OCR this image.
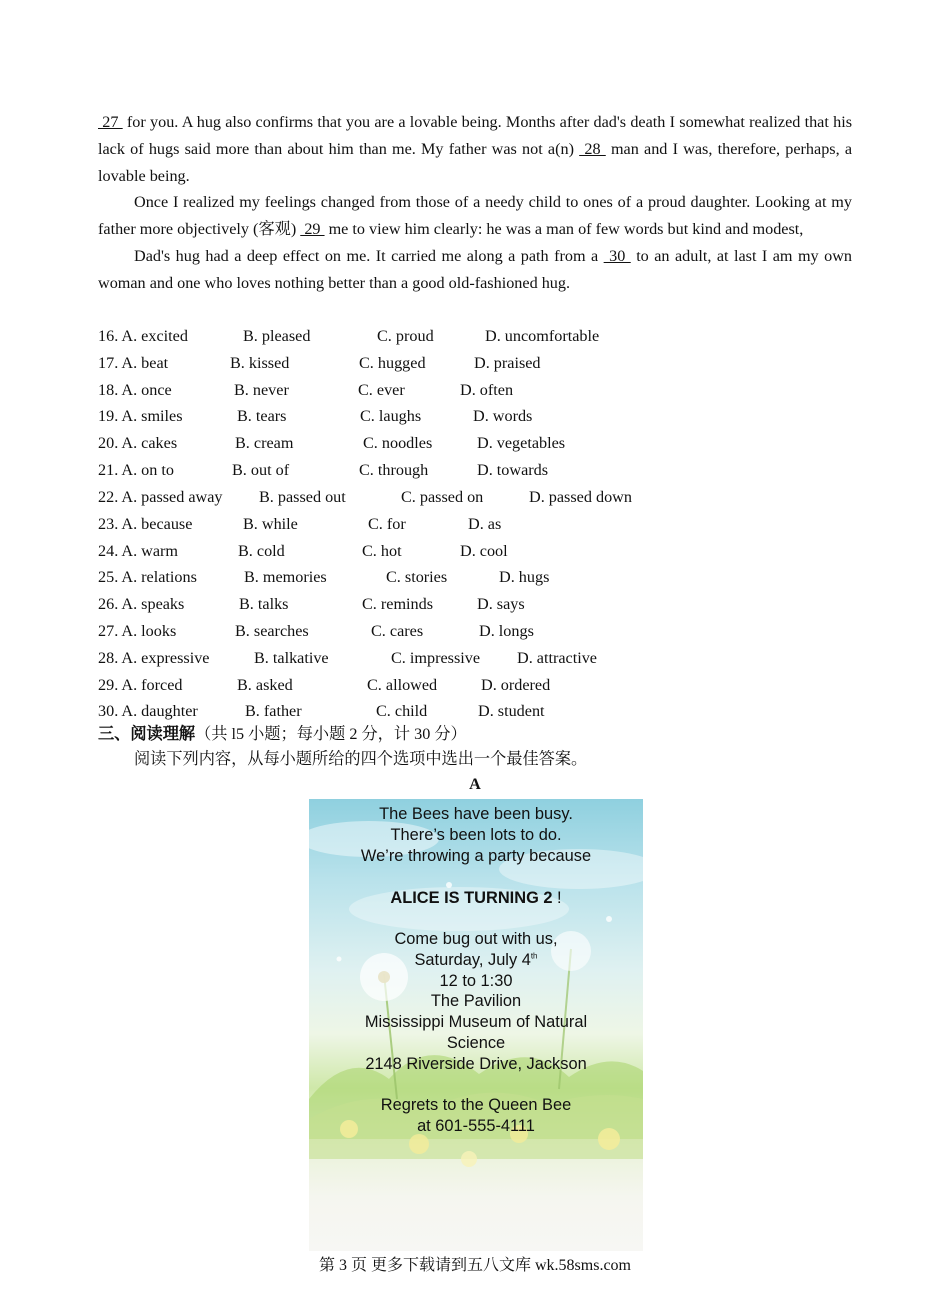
27  for you. A hug also confirms that you are a lovable being. Months after dad's death I somewhat realized that his lack of hugs said more than about him than me. My father was not a(n)  28  man and I was, therefore, perhaps, a lovable being.

Once I realized my feelings changed from those of a needy child to ones of a proud daughter. Looking at my father more objectively (客观)  29  me to view him clearly: he was a man of few words but kind and modest,

Dad's hug had a deep effect on me. It carried me along a path from a  30  to an adult, at last I am my own woman and one who loves nothing better than a good old-fashioned hug.

16. A. excited	B. pleased	C. proud	D. uncomfortable
17. A. beat	B. kissed	C. hugged	D. praised
18. A. once	B. never	C. ever	D. often
19. A. smiles	B. tears	C. laughs	D. words
20. A. cakes	B. cream	C. noodles	D. vegetables
21. A. on to	B. out of	C. through	D. towards
22. A. passed away B. passed out	C. passed on	D. passed down
23. A. because	B. while	C. for	D. as
24. A. warm	B. cold	C. hot	D. cool
25. A. relations	B. memories	C. stories	D. hugs
26. A. speaks	B. talks	C. reminds	D. says
27. A. looks	B. searches	C. cares	D. longs
28. A. expressive	B. talkative	C. impressive D. attractive
29. A. forced	B. asked	C. allowed	D. ordered
30. A. daughter	B. father	C. child	D. student
三、阅读理解（共 l5 小题；每小题 2 分，计 30 分）
阅读下列内容，从每小题所给的四个选项中选出一个最佳答案。
A
The Bees have been busy.
There’s been lots to do.
We’re throwing a party because
ALICE IS TURNING 2 !
Come bug out with us,
Saturday, July 4th
12 to 1:30
The Pavilion
Mississippi Museum of Natural
Science
2148 Riverside Drive, Jackson
Regrets to the Queen Bee
at 601-555-4111
第 3 页 更多下载请到五八文库 wk.58sms.com
